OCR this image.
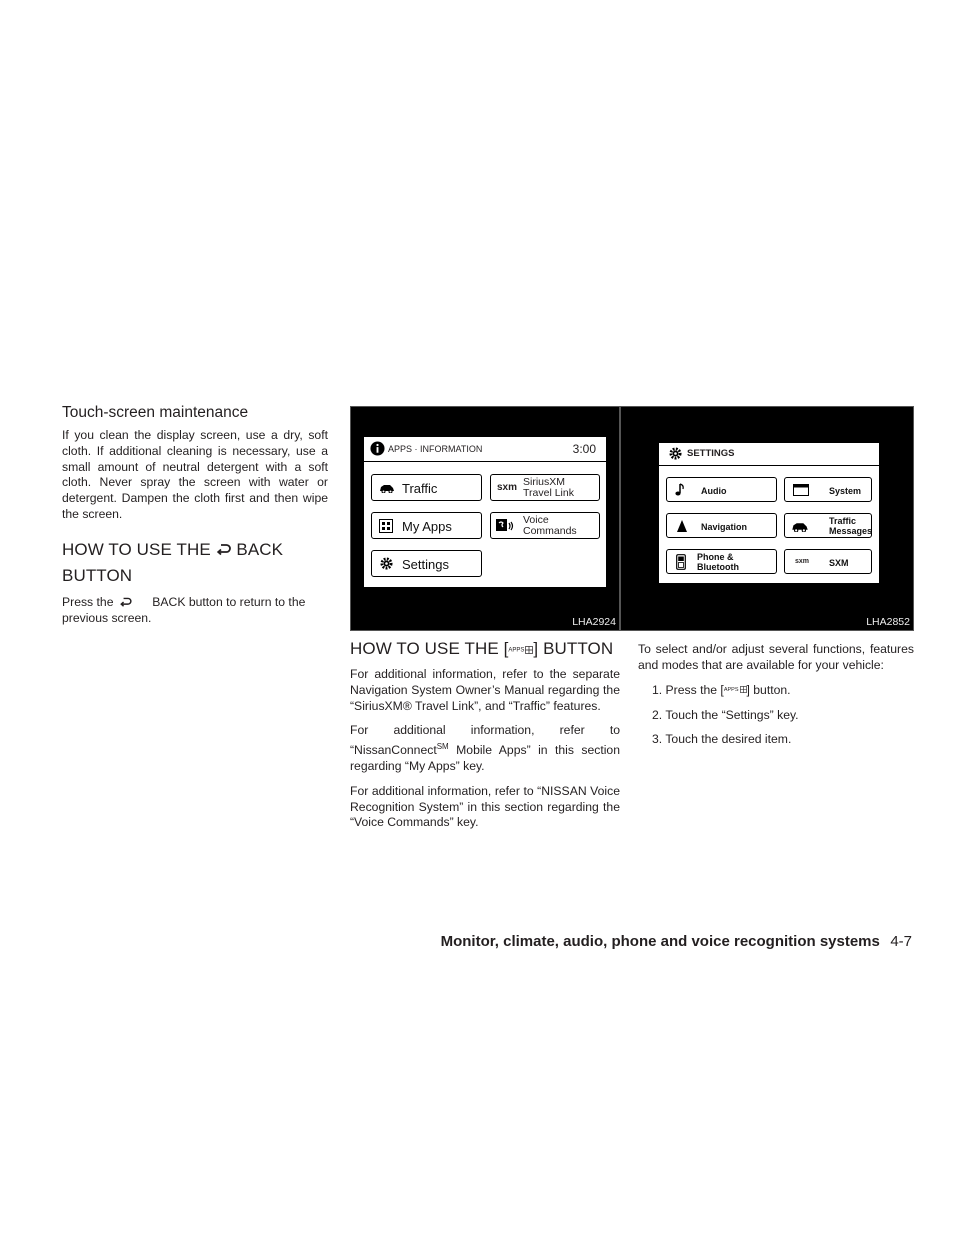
Touch-screen maintenance

If you clean the display screen, use a dry, soft cloth. If additional cleaning is necessary, use a small amount of neutral detergent with a soft cloth. Never spray the screen with water or detergent. Dampen the cloth first and then wipe the screen.

HOW TO USE THE BACK
BUTTON

Press the	BACK button to return to the previous screen.

APPS · INFORMATION	3:00
Traffic	sxm SiriusXM
Travel Link
My Apps	Voice
Commands
Settings
LHA2924
SETTINGS
Audio	System
Navigation
Traffic
Messages
Phone &
Bluetooth
sxm SXM
LHA2852
HOW TO USE THE [APPS ] BUTTON

For additional information, refer to the separate Navigation System Owner’s Manual regarding the “SiriusXM® Travel Link”, and “Traffic” features.

For additional information, refer to “NissanConnect℠ Mobile Apps” in this section regarding “My Apps” key.

For additional information, refer to “NISSAN Voice Recognition System” in this section regarding the “Voice Commands” key.

To select and/or adjust several functions, features and modes that are available for your vehicle:

1. Press the [APPS ] button.

2. Touch the “Settings” key.

3. Touch the desired item.

Monitor, climate, audio, phone and voice recognition systems 4-7
